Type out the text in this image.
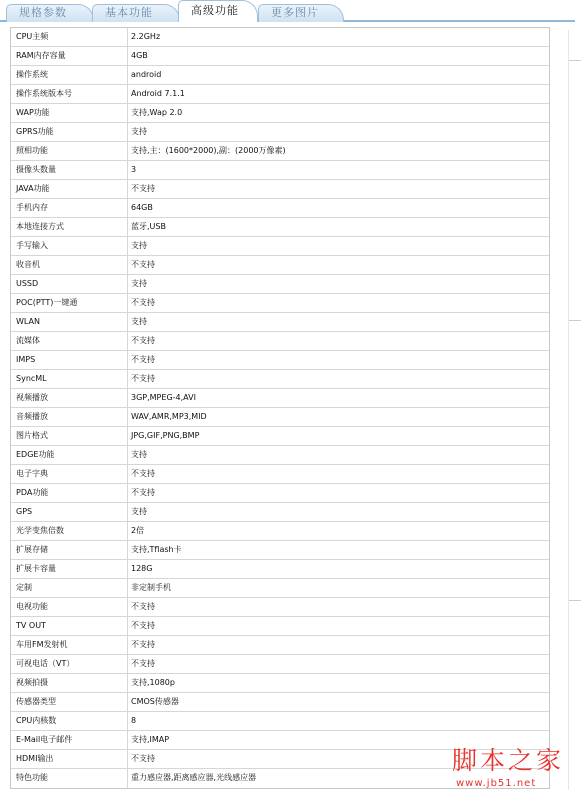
规格参数	基本功能	高级功能	更多图片
CPU主频	2.2GHz
RAM内存容量	4GB
操作系统	android
操作系统版本号	Android 7.1.1
WAP功能	支持,Wap 2.0
GPRS功能	支持
照相功能	支持,主：(1600*2000),副：(2000万像素)
摄像头数量	3
JAVA功能	不支持
手机内存	64GB
本地连接方式	蓝牙,USB
手写输入	支持
收音机	不支持
USSD	支持
POC(PTT)一键通	不支持
WLAN	支持
流媒体	不支持
IMPS	不支持
SyncML	不支持
视频播放	3GP,MPEG-4,AVI
音频播放	WAV,AMR,MP3,MID
图片格式	JPG,GIF,PNG,BMP
EDGE功能	支持
电子字典	不支持
PDA功能	不支持
GPS	支持
光学变焦倍数	2倍
扩展存储	支持,Tflash卡
扩展卡容量	128G
定制	非定制手机
电视功能	不支持
TV OUT	不支持
车用FM发射机	不支持
可视电话（VT）	不支持
视频拍摄	支持,1080p
传感器类型	CMOS传感器
CPU内核数	8
E-Mail电子邮件	支持,IMAP
HDMI输出	不支持
特色功能	重力感应器,距离感应器,光线感应器
脚本之家
www.jb51.net
